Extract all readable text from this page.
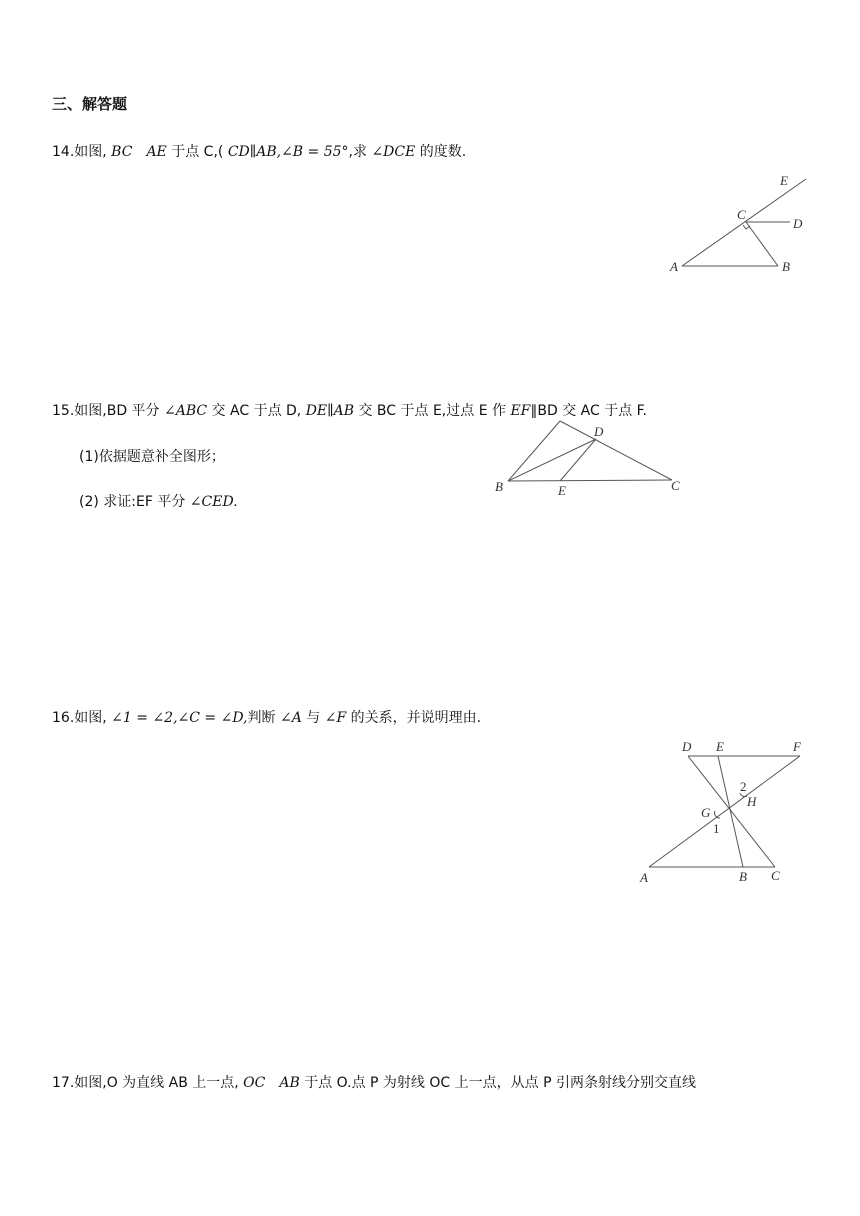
三、解答题
14.如图, BC AE 于点 C,( CD∥AB,∠B = 55°,求 ∠DCE 的度数.
E
C
D
A	B
15.如图,BD 平分 ∠ABC 交 AC 于点 D, DE∥AB 交 BC 于点 E,过点 E 作 EF∥BD 交 AC 于点 F.
(1)依据题意补全图形；
(2) 求证:EF 平分 ∠CED.
D
B	E	C
16.如图, ∠1 = ∠2,∠C = ∠D,判断 ∠A 与 ∠F 的关系，并说明理由.
D E	F
2
H
G
1
A	B C
17.如图,O 为直线 AB 上一点, OC AB 于点 O.点 P 为射线 OC 上一点，从点 P 引两条射线分别交直线
